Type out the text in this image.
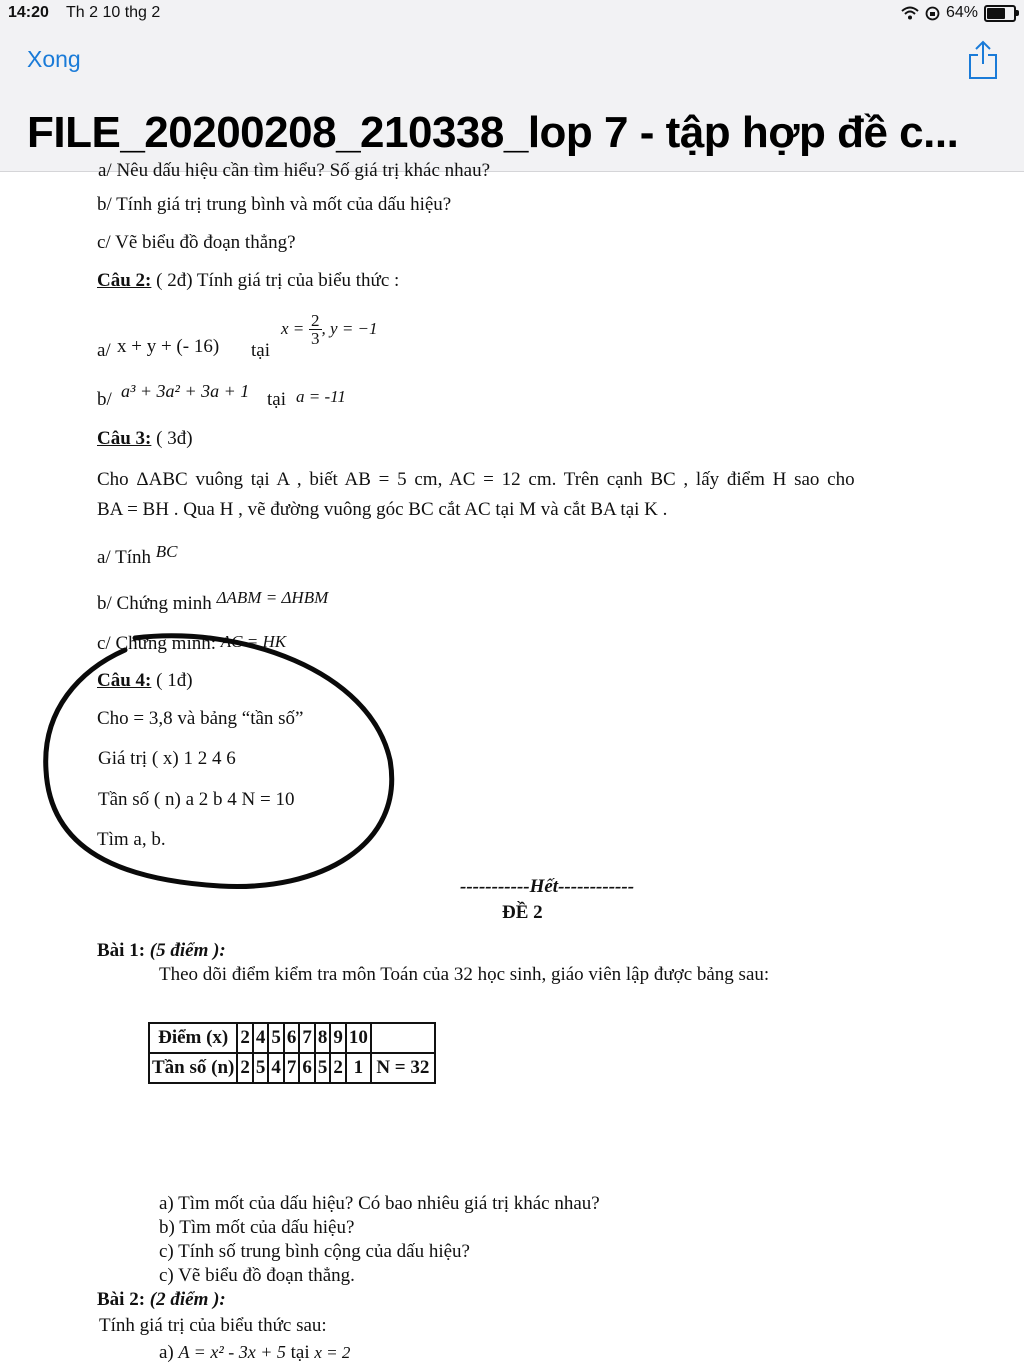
14:20 Th 2 10 thg 2	64%
Xong
FILE_20200208_210338_lop 7 - tập hợp đề c...
a/ Nêu dấu hiệu cần tìm hiểu? Số giá trị khác nhau?
b/ Tính giá trị trung bình và mốt của dấu hiệu?
c/ Vẽ biểu đồ đoạn thẳng?
Câu 2: ( 2đ) Tính giá trị của biểu thức :
a/ x + y + (- 16) tại
$x = \frac{2}{3}$ , y = −1
b/ a³ + 3a² + 3a + 1 tại a = -11
Câu 3: ( 3đ)
Cho ΔABC vuông tại A , biết AB = 5 cm, AC = 12 cm. Trên cạnh BC , lấy điểm H sao cho
BA = BH . Qua H , vẽ đường vuông góc BC cắt AC tại M và cắt BA tại K .
a/ Tính BC
b/ Chứng minh ΔABM = ΔHBM
c/ Chứng minh: AC = HK
Câu 4: ( 1đ)
Cho = 3,8 và bảng “tần số”
Giá trị ( x) 1 2 4 6
Tần số ( n) a 2 b 4 N = 10
Tìm a, b.
-----------Hết------------
ĐỀ 2
Bài 1: (5 điểm ):
Theo dõi điểm kiểm tra môn Toán của 32 học sinh, giáo viên lập được bảng sau:
Điểm (x)	2	4	5	6	7	8	9	10	
Tần số (n)	2	5	4	7	6	5	2	1	N = 32
a) Tìm mốt của dấu hiệu? Có bao nhiêu giá trị khác nhau?
b) Tìm mốt của dấu hiệu?
c) Tính số trung bình cộng của dấu hiệu?
c) Vẽ biểu đồ đoạn thẳng.
Bài 2: (2 điểm ):
Tính giá trị của biểu thức sau:
a) A = x² - 3x + 5 tại x = 2
